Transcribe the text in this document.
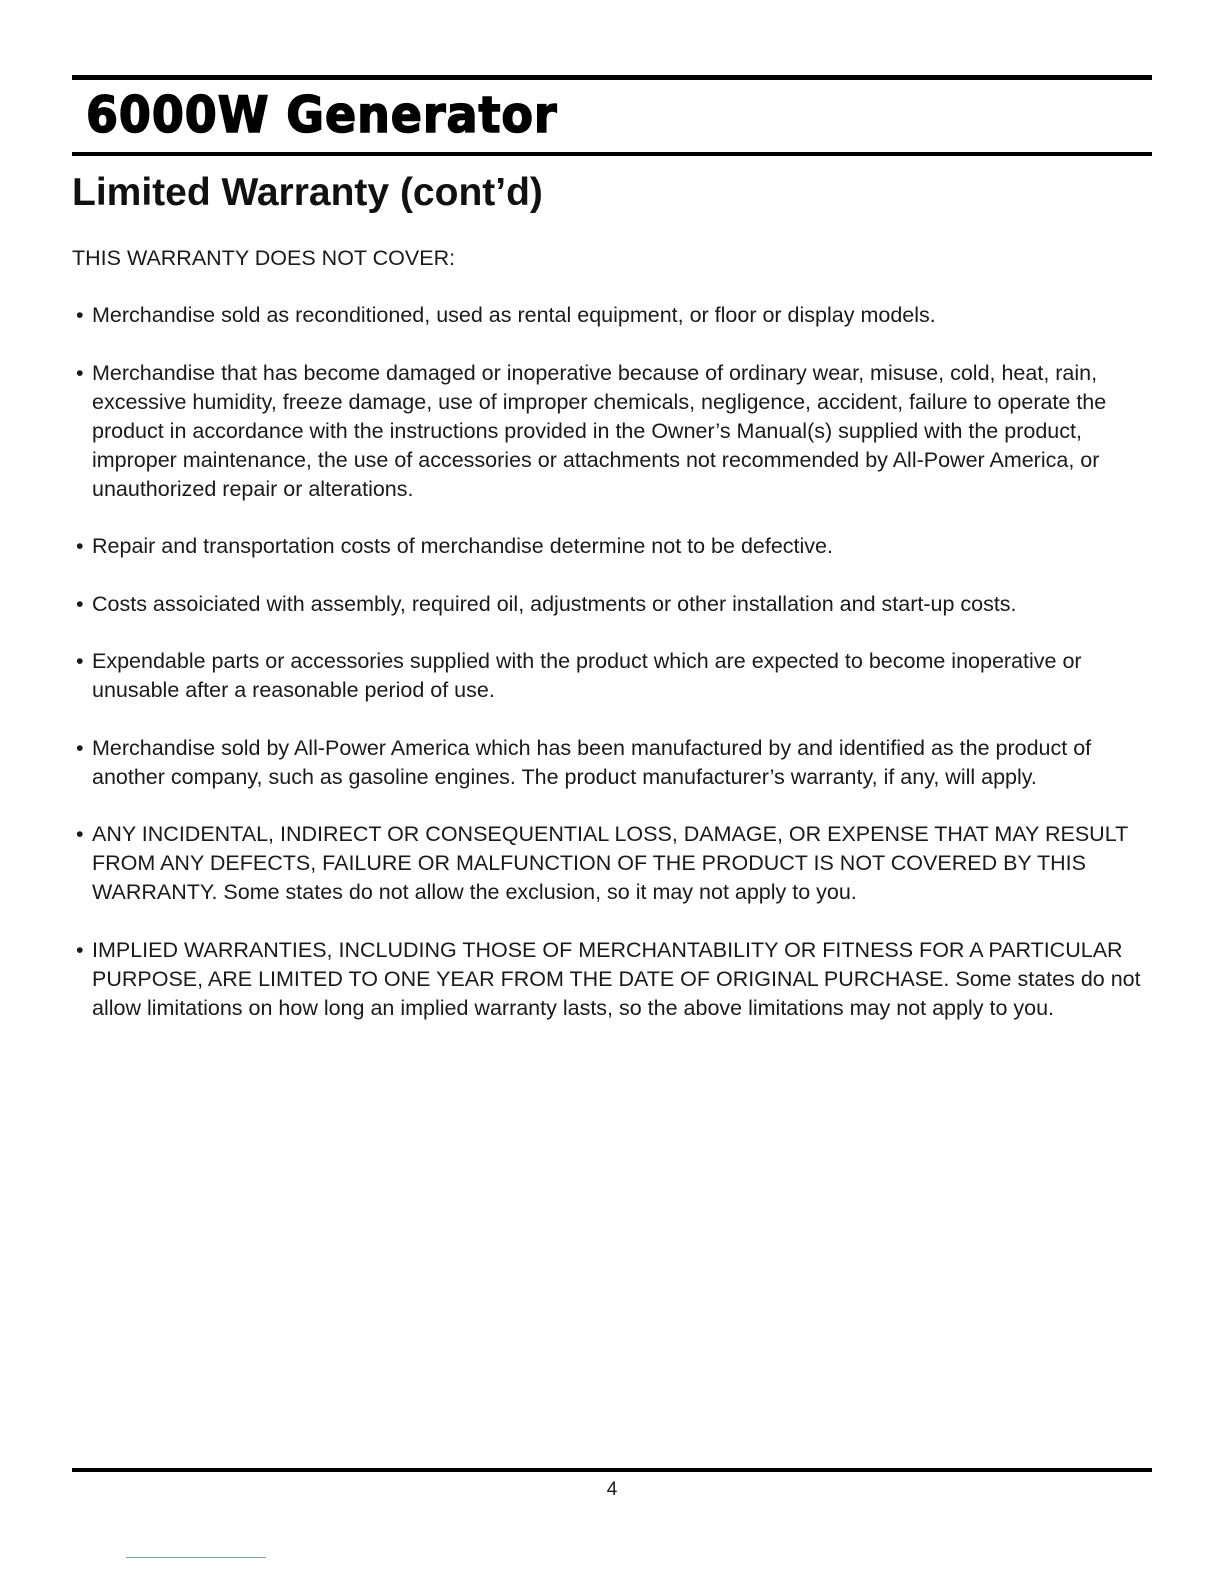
6000W Generator
Limited Warranty (cont’d)

THIS WARRANTY DOES NOT COVER:

• Merchandise sold as reconditioned, used as rental equipment, or floor or display models.
• Merchandise that has become damaged or inoperative because of ordinary wear, misuse, cold, heat, rain, excessive humidity, freeze damage, use of improper chemicals, negligence, accident, failure to operate the product in accordance with the instructions provided in the Owner’s Manual(s) supplied with the product, improper maintenance, the use of accessories or attachments not recommended by All-Power America, or unauthorized repair or alterations.
• Repair and transportation costs of merchandise determine not to be defective.
• Costs assoiciated with assembly, required oil, adjustments or other installation and start-up costs.
• Expendable parts or accessories supplied with the product which are expected to become inoperative or unusable after a reasonable period of use.
• Merchandise sold by All-Power America which has been manufactured by and identified as the product of another company, such as gasoline engines. The product manufacturer’s warranty, if any, will apply.
• ANY INCIDENTAL, INDIRECT OR CONSEQUENTIAL LOSS, DAMAGE, OR EXPENSE THAT MAY RESULT FROM ANY DEFECTS, FAILURE OR MALFUNCTION OF THE PRODUCT IS NOT COVERED BY THIS WARRANTY. Some states do not allow the exclusion, so it may not apply to you.
• IMPLIED WARRANTIES, INCLUDING THOSE OF MERCHANTABILITY OR FITNESS FOR A PARTICULAR PURPOSE, ARE LIMITED TO ONE YEAR FROM THE DATE OF ORIGINAL PURCHASE. Some states do not allow limitations on how long an implied warranty lasts, so the above limitations may not apply to you.
4
